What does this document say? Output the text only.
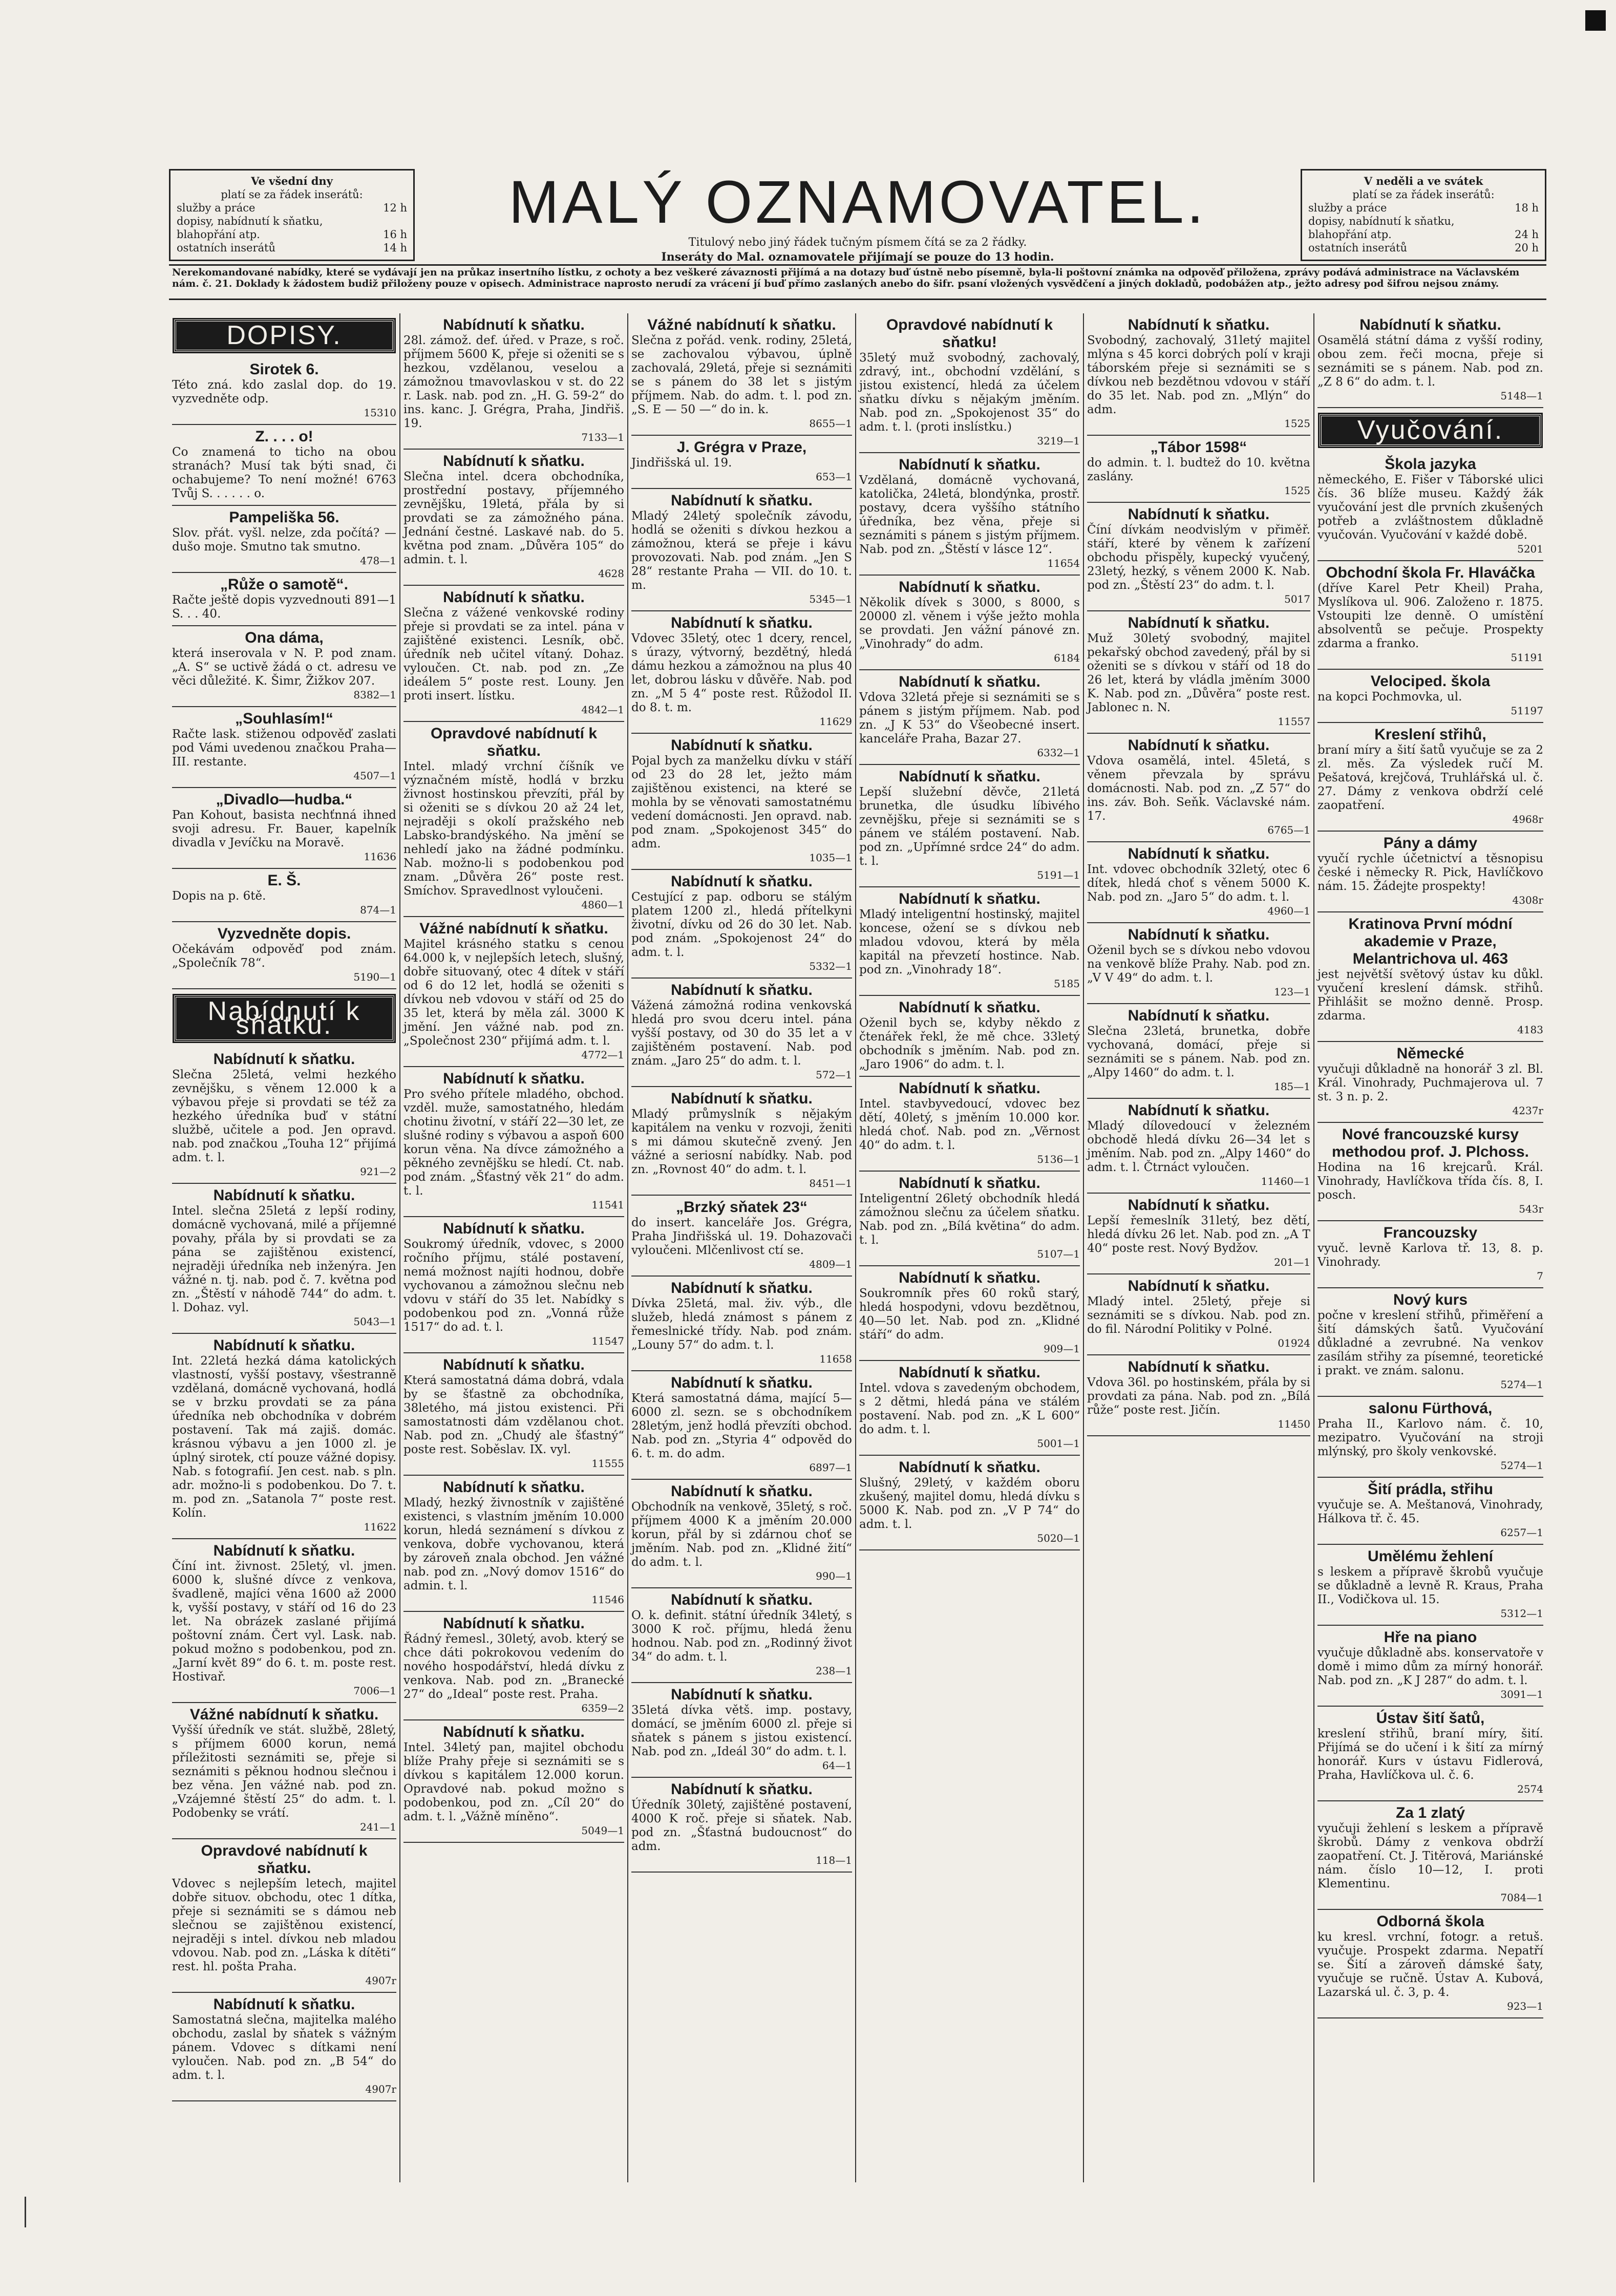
Ve všední dny
platí se za řádek inserátů:
služby a práce	12 h
dopisy, nabídnutí k sňatku,
blahopřání atp.	16 h
ostatních inserátů	14 h
MALÝ OZNAMOVATEL.
Titulový nebo jiný řádek tučným písmem čítá se za 2 řádky.
Inseráty do Mal. oznamovatele přijímají se pouze do 13 hodin.
V neděli a ve svátek
platí se za řádek inserátů:
služby a práce	18 h
dopisy, nabídnutí k sňatku,
blahopřání atp.	24 h
ostatních inserátů	20 h
Nerekomandované nabídky, které se vydávají jen na průkaz insertního lístku, z ochoty a bez veškeré závaznosti přijímá a na dotazy buď ústně nebo písemně, byla-li poštovní známka na odpověď přiložena, zprávy podává administrace na Václavském nám. č. 21. Doklady k žádostem budiž přiloženy pouze v opisech. Administrace naprosto nerudí za vrácení jí buď přímo zaslaných anebo do šifr. psaní vložených vysvědčení a jiných dokladů, podobážen atp., ježto adresy pod šifrou nejsou známy.
DOPISY.
Sirotek 6.
Této zná. kdo zaslal dop. do 19. vyzvedněte odp.
15310
Z. . . . o!
Co znamená to ticho na obou stranách? Musí tak býti snad, či ochabujeme? To není možné! 6763 Tvůj S. . . . . . o.
Pampeliška 56.
Slov. přát. vyšl. nelze, zda počítá? — dušo moje. Smutno tak smutno.
478—1
„Růže o samotě“.
Račte ještě dopis vyzvednouti 891—1 S. . . 40.
Ona dáma,
která inserovala v N. P. pod znam. „A. S“ se uctivě žádá o ct. adresu ve věci důležité. K. Šimr, Žižkov 207.
8382—1
„Souhlasím!“
Račte lask. stiženou odpověď zaslati pod Vámi uvedenou značkou Praha—III. restante.
4507—1
„Divadlo—hudba.“
Pan Kohout, basista nechťnná ihned svoji adresu. Fr. Bauer, kapelník divadla v Jevíčku na Moravě.
11636
E. Š.
Dopis na p. 6tě.
874—1
Vyzvedněte dopis.
Očekávám odpověď pod znám. „Společník 78“.
5190—1
Nabídnutí k sňatku.
Nabídnutí k sňatku.
Slečna 25letá, velmi hezkého zevnějšku, s věnem 12.000 k a výbavou přeje si provdati se též za hezkého úředníka buď v státní službě, učitele a pod. Jen opravd. nab. pod značkou „Touha 12“ přijímá adm. t. l.
921—2
Nabídnutí k sňatku.
Intel. slečna 25letá z lepší rodiny, domácně vychovaná, milé a příjemné povahy, přála by si provdati se za pána se zajištěnou existencí, nejraději úředníka neb inženýra. Jen vážné n. tj. nab. pod č. 7. května pod zn. „Štěstí v náhodě 744“ do adm. t. l. Dohaz. vyl.
5043—1
Nabídnutí k sňatku.
Int. 22letá hezká dáma katolických vlastností, vyšší postavy, všestranně vzdělaná, domácně vychovaná, hodlá se v brzku provdati se za pána úředníka neb obchodníka v dobrém postavení. Tak má zajiš. domác. krásnou výbavu a jen 1000 zl. je úplný sirotek, ctí pouze vážné dopisy. Nab. s fotografií. Jen cest. nab. s pln. adr. možno-li s podobenkou. Do 7. t. m. pod zn. „Satanola 7“ poste rest. Kolín.
11622
Nabídnutí k sňatku.
Číní int. živnost. 25letý, vl. jmen. 6000 k, slušné dívce z venkova, švadleně, majíci věna 1600 až 2000 k, vyšší postavy, v stáří od 16 do 23 let. Na obrázek zaslané přijímá poštovní znám. Čert vyl. Lask. nab. pokud možno s podobenkou, pod zn. „Jarní květ 89“ do 6. t. m. poste rest. Hostivař.
7006—1
Vážné nabídnutí k sňatku.
Vyšší úředník ve stát. službě, 28letý, s příjmem 6000 korun, nemá příležitosti seznámiti se, přeje si seznámiti s pěknou hodnou slečnou i bez věna. Jen vážné nab. pod zn. „Vzájemné štěstí 25“ do adm. t. l. Podobenky se vrátí.
241—1
Opravdové nabídnutí k sňatku.
Vdovec s nejlepším letech, majitel dobře situov. obchodu, otec 1 dítka, přeje si seznámiti se s dámou neb slečnou se zajištěnou existencí, nejraději s intel. dívkou neb mladou vdovou. Nab. pod zn. „Láska k dítěti“ rest. hl. pošta Praha.
4907r
Nabídnutí k sňatku.
Samostatná slečna, majitelka malého obchodu, zaslal by sňatek s vážným pánem. Vdovec s dítkami není vyloučen. Nab. pod zn. „B 54“ do adm. t. l.
4907r
Nabídnutí k sňatku.
28l. zámož. def. úřed. v Praze, s roč. příjmem 5600 K, přeje si oženiti se s hezkou, vzdělanou, veselou a zámožnou tmavovlaskou v st. do 22 r. Lask. nab. pod zn. „H. G. 59-2“ do ins. kanc. J. Grégra, Praha, Jindřiš. 19.
7133—1
Nabídnutí k sňatku.
Slečna intel. dcera obchodníka, prostřední postavy, příjemného zevnějšku, 19letá, přála by si provdati se za zámožného pána. Jednání čestné. Laskavé nab. do 5. května pod znam. „Důvěra 105“ do admin. t. l.
4628
Nabídnutí k sňatku.
Slečna z vážené venkovské rodiny přeje si provdati se za intel. pána v zajištěné existenci. Lesník, obč. úředník neb učitel vítaný. Dohaz. vyloučen. Ct. nab. pod zn. „Ze ideálem 5“ poste rest. Louny. Jen proti insert. lístku.
4842—1
Opravdové nabídnutí k sňatku.
Intel. mladý vrchní číšník ve význačném místě, hodlá v brzku živnost hostinskou převzíti, přál by si oženiti se s dívkou 20 až 24 let, nejraději s okolí pražského neb Labsko-brandýského. Na jmění se nehledí jako na žádné podmínku. Nab. možno-li s podobenkou pod znam. „Důvěra 26“ poste rest. Smíchov. Spravedlnost vyloučeni.
4860—1
Vážné nabídnutí k sňatku.
Majitel krásného statku s cenou 64.000 k, v nejlepších letech, slušný, dobře situovaný, otec 4 dítek v stáří od 6 do 12 let, hodlá se oženiti s dívkou neb vdovou v stáří od 25 do 35 let, která by měla zál. 3000 K jmění. Jen vážné nab. pod zn. „Společnost 230“ přijímá adm. t. l.
4772—1
Nabídnutí k sňatku.
Pro svého přítele mladého, obchod. vzděl. muže, samostatného, hledám chotinu životní, v stáří 22—30 let, ze slušné rodiny s výbavou a aspoň 600 korun věna. Na dívce zámožného a pěkného zevnějšku se hledí. Ct. nab. pod znám. „Šťastný věk 21“ do adm. t. l.
11541
Nabídnutí k sňatku.
Soukromý úředník, vdovec, s 2000 ročního příjmu, stálé postavení, nemá možnost najíti hodnou, dobře vychovanou a zámožnou slečnu neb vdovu v stáří do 35 let. Nabídky s podobenkou pod zn. „Vonná růže 1517“ do ad. t. l.
11547
Nabídnutí k sňatku.
Která samostatná dáma dobrá, vdala by se šťastně za obchodníka, 38letého, má jistou existenci. Při samostatnosti dám vzdělanou chot. Nab. pod zn. „Chudý ale šťastný“ poste rest. Soběslav. IX. vyl.
11555
Nabídnutí k sňatku.
Mladý, hezký živnostník v zajištěné existenci, s vlastním jměním 10.000 korun, hledá seznámení s dívkou z venkova, dobře vychovanou, která by zároveň znala obchod. Jen vážné nab. pod zn. „Nový domov 1516“ do admin. t. l.
11546
Nabídnutí k sňatku.
Řádný řemesl., 30letý, avob. který se chce dáti pokrokovou vedením do nového hospodářství, hledá dívku z venkova. Nab. pod zn. „Branecké 27“ do „Ideal“ poste rest. Praha.
6359—2
Nabídnutí k sňatku.
Intel. 34letý pan, majitel obchodu blíže Prahy přeje si seznámiti se s dívkou s kapitálem 12.000 korun. Opravdové nab. pokud možno s podobenkou, pod zn. „Cíl 20“ do adm. t. l. „Vážně míněno“.
5049—1
Vážné nabídnutí k sňatku.
Slečna z pořád. venk. rodiny, 25letá, se zachovalou výbavou, úplně zachovalá, 29letá, přeje si seznámiti se s pánem do 38 let s jistým příjmem. Nab. do adm. t. l. pod zn. „S. E — 50 —“ do in. k.
8655—1
J. Grégra v Praze,
Jindřišská ul. 19.
653—1
Nabídnutí k sňatku.
Mladý 24letý společník závodu, hodlá se oženiti s dívkou hezkou a zámožnou, která se přeje i kávu provozovati. Nab. pod znám. „Jen S 28“ restante Praha — VII. do 10. t. m.
5345—1
Nabídnutí k sňatku.
Vdovec 35letý, otec 1 dcery, rencel, s úrazy, výtvorný, bezdětný, hledá dámu hezkou a zámožnou na plus 40 let, dobrou lásku v důvěře. Nab. pod zn. „M 5 4“ poste rest. Růžodol II. do 8. t. m.
11629
Nabídnutí k sňatku.
Pojal bych za manželku dívku v stáří od 23 do 28 let, ježto mám zajištěnou existenci, na které se mohla by se věnovati samostatnému vedení domácnosti. Jen opravd. nab. pod znam. „Spokojenost 345“ do adm.
1035—1
Nabídnutí k sňatku.
Cestující z pap. odboru se stálým platem 1200 zl., hledá přítelkyni životní, dívku od 26 do 30 let. Nab. pod znám. „Spokojenost 24“ do adm. t. l.
5332—1
Nabídnutí k sňatku.
Vážená zámožná rodina venkovská hledá pro svou dceru intel. pána vyšší postavy, od 30 do 35 let a v zajištěném postavení. Nab. pod znám. „Jaro 25“ do adm. t. l.
572—1
Nabídnutí k sňatku.
Mladý průmyslník s nějakým kapitálem na venku v rozvoji, ženiti s mi dámou skutečně zvený. Jen vážné a seriosní nabídky. Nab. pod zn. „Rovnost 40“ do adm. t. l.
8451—1
„Brzký sňatek 23“
do insert. kanceláře Jos. Grégra, Praha Jindřišská ul. 19. Dohazovači vyloučeni. Mlčenlivost ctí se.
4809—1
Nabídnutí k sňatku.
Dívka 25letá, mal. živ. výb., dle služeb, hledá známost s pánem z řemeslnické třídy. Nab. pod znám. „Louny 57“ do adm. t. l.
11658
Nabídnutí k sňatku.
Která samostatná dáma, mající 5—6000 zl. sezn. se s obchodníkem 28letým, jenž hodlá převzíti obchod. Nab. pod zn. „Styria 4“ odpověd do 6. t. m. do adm.
6897—1
Nabídnutí k sňatku.
Obchodník na venkově, 35letý, s roč. příjmem 4000 K a jměním 20.000 korun, přál by si zdárnou choť se jměním. Nab. pod zn. „Klidné žití“ do adm. t. l.
990—1
Nabídnutí k sňatku.
O. k. definit. státní úředník 34letý, s 3000 K roč. příjmu, hledá ženu hodnou. Nab. pod zn. „Rodinný život 34“ do adm. t. l.
238—1
Nabídnutí k sňatku.
35letá dívka větš. imp. postavy, domácí, se jměním 6000 zl. přeje si sňatek s pánem s jistou existencí. Nab. pod zn. „Ideál 30“ do adm. t. l.
64—1
Nabídnutí k sňatku.
Úředník 30letý, zajištěné postavení, 4000 K roč. přeje si sňatek. Nab. pod zn. „Šťastná budoucnost“ do adm.
118—1
Opravdové nabídnutí k sňatku!
35letý muž svobodný, zachovalý, zdravý, int., obchodní vzdělání, s jistou existencí, hledá za účelem sňatku dívku s nějakým jměním. Nab. pod zn. „Spokojenost 35“ do adm. t. l. (proti inslístku.)
3219—1
Nabídnutí k sňatku.
Vzdělaná, domácně vychovaná, katolička, 24letá, blondýnka, prostř. postavy, dcera vyššího státního úředníka, bez věna, přeje si seznámiti s pánem s jistým příjmem. Nab. pod zn. „Štěstí v lásce 12“.
11654
Nabídnutí k sňatku.
Několik dívek s 3000, s 8000, s 20000 zl. věnem i výše ježto mohla se provdati. Jen vážní pánové zn. „Vinohrady“ do adm.
6184
Nabídnutí k sňatku.
Vdova 32letá přeje si seznámiti se s pánem s jistým příjmem. Nab. pod zn. „J K 53“ do Všeobecné insert. kanceláře Praha, Bazar 27.
6332—1
Nabídnutí k sňatku.
Lepší služební děvče, 21letá brunetka, dle úsudku líbivého zevnějšku, přeje si seznámiti se s pánem ve stálém postavení. Nab. pod zn. „Upřímné srdce 24“ do adm. t. l.
5191—1
Nabídnutí k sňatku.
Mladý inteligentní hostinský, majitel koncese, ožení se s dívkou neb mladou vdovou, která by měla kapitál na převzetí hostince. Nab. pod zn. „Vinohrady 18“.
5185
Nabídnutí k sňatku.
Oženil bych se, kdyby někdo z čtenářek řekl, že mě chce. 33letý obchodník s jměním. Nab. pod zn. „Jaro 1906“ do adm. t. l.
Nabídnutí k sňatku.
Intel. stavbyvedoucí, vdovec bez dětí, 40letý, s jměním 10.000 kor. hledá choť. Nab. pod zn. „Věrnost 40“ do adm. t. l.
5136—1
Nabídnutí k sňatku.
Inteligentní 26letý obchodník hledá zámožnou slečnu za účelem sňatku. Nab. pod zn. „Bílá květina“ do adm. t. l.
5107—1
Nabídnutí k sňatku.
Soukromník přes 60 roků starý, hledá hospodyni, vdovu bezdětnou, 40—50 let. Nab. pod zn. „Klidné stáří“ do adm.
909—1
Nabídnutí k sňatku.
Intel. vdova s zavedeným obchodem, s 2 dětmi, hledá pána ve stálém postavení. Nab. pod zn. „K L 600“ do adm. t. l.
5001—1
Nabídnutí k sňatku.
Slušný, 29letý, v každém oboru zkušený, majitel domu, hledá dívku s 5000 K. Nab. pod zn. „V P 74“ do adm. t. l.
5020—1
Nabídnutí k sňatku.
Svobodný, zachovalý, 31letý majitel mlýna s 45 korci dobrých polí v kraji táborském přeje si seznámiti se s dívkou neb bezdětnou vdovou v stáří do 35 let. Nab. pod zn. „Mlýn“ do adm.
1525
„Tábor 1598“
do admin. t. l. budtež do 10. května zaslány.
1525
Nabídnutí k sňatku.
Číní dívkám neodvislým v přiměř. stáří, které by věnem k zařízení obchodu přispěly, kupecký vyučený, 23letý, hezký, s věnem 2000 K. Nab. pod zn. „Štěstí 23“ do adm. t. l.
5017
Nabídnutí k sňatku.
Muž 30letý svobodný, majitel pekařský obchod zavedený, přál by si oženiti se s dívkou v stáří od 18 do 26 let, která by vládla jměním 3000 K. Nab. pod zn. „Důvěra“ poste rest. Jablonec n. N.
11557
Nabídnutí k sňatku.
Vdova osamělá, intel. 45letá, s věnem převzala by správu domácnosti. Nab. pod zn. „Z 57“ do ins. záv. Boh. Seňk. Václavské nám. 17.
6765—1
Nabídnutí k sňatku.
Int. vdovec obchodník 32letý, otec 6 dítek, hledá choť s věnem 5000 K. Nab. pod zn. „Jaro 5“ do adm. t. l.
4960—1
Nabídnutí k sňatku.
Oženil bych se s dívkou nebo vdovou na venkově blíže Prahy. Nab. pod zn. „V V 49“ do adm. t. l.
123—1
Nabídnutí k sňatku.
Slečna 23letá, brunetka, dobře vychovaná, domácí, přeje si seznámiti se s pánem. Nab. pod zn. „Alpy 1460“ do adm. t. l.
185—1
Nabídnutí k sňatku.
Mladý dílovedoucí v železném obchodě hledá dívku 26—34 let s jměním. Nab. pod zn. „Alpy 1460“ do adm. t. l. Čtrnáct vyloučen.
11460—1
Nabídnutí k sňatku.
Lepší řemeslník 31letý, bez dětí, hledá dívku 26 let. Nab. pod zn. „A T 40“ poste rest. Nový Bydžov.
201—1
Nabídnutí k sňatku.
Mladý intel. 25letý, přeje si seznámiti se s dívkou. Nab. pod zn. do fil. Národní Politiky v Polné.
01924
Nabídnutí k sňatku.
Vdova 36l. po hostinském, přála by si provdati za pána. Nab. pod zn. „Bílá růže“ poste rest. Jičín.
11450
Nabídnutí k sňatku.
Osamělá státní dáma z vyšší rodiny, obou zem. řeči mocna, přeje si seznámiti se s pánem. Nab. pod zn. „Z 8 6“ do adm. t. l.
5148—1
Vyučování.
Škola jazyka
německého, E. Fišer v Táborské ulici čís. 36 blíže museu. Každý žák vyučování jest dle prvních zkušených potřeb a zvláštnostem důkladně vyučován. Vyučování v každé době.
5201
Obchodní škola Fr. Hlaváčka
(dříve Karel Petr Kheil) Praha, Myslíkova ul. 906. Založeno r. 1875. Vstoupiti lze denně. O umístění absolventů se pečuje. Prospekty zdarma a franko.
51191
Velociped. škola
na kopci Pochmovka, ul.
51197
Kreslení střihů,
braní míry a šití šatů vyučuje se za 2 zl. měs. Za výsledek ručí M. Pešatová, krejčová, Truhlářská ul. č. 27. Dámy z venkova obdrží celé zaopatření.
4968r
Pány a dámy
vyučí rychle účetnictví a těsnopisu české i německy R. Pick, Havlíčkovo nám. 15. Žádejte prospekty!
4308r
Kratinova První módní akademie v Praze, Melantrichova ul. 463
jest největší světový ústav ku důkl. vyučení kreslení dámsk. střihů. Přihlášit se možno denně. Prosp. zdarma.
4183
Německé
vyučuji důkladně na honorář 3 zl. Bl. Král. Vinohrady, Puchmajerova ul. 7 st. 3 n. p. 2.
4237r
Nové francouzské kursy methodou prof. J. Plchoss.
Hodina na 16 krejcarů. Král. Vinohrady, Havlíčkova třída čís. 8, I. posch.
543r
Francouzsky
vyuč. levně Karlova tř. 13, 8. p. Vinohrady.
7
Nový kurs
počne v kreslení střihů, přiměření a šití dámských šatů. Vyučování důkladné a zevrubné. Na venkov zasílám střihy za písemné, teoretické i prakt. ve znám. salonu.
5274—1
salonu Fürthová,
Praha II., Karlovo nám. č. 10, mezipatro. Vyučování na stroji mlýnský, pro školy venkovské.
5274—1
Šití prádla, střihu
vyučuje se. A. Meštanová, Vinohrady, Hálkova tř. č. 45.
6257—1
Umělému žehlení
s leskem a přípravě škrobů vyučuje se důkladně a levně R. Kraus, Praha II., Vodičkova ul. 15.
5312—1
Hře na piano
vyučuje důkladně abs. konservatoře v domě i mimo dům za mírný honorář. Nab. pod zn. „K J 287“ do adm. t. l.
3091—1
Ústav šití šatů,
kreslení střihů, braní míry, šití. Přijímá se do učení i k šití za mírný honorář. Kurs v ústavu Fidlerová, Praha, Havlíčkova ul. č. 6.
2574
Za 1 zlatý
vyučuji žehlení s leskem a přípravě škrobů. Dámy z venkova obdrží zaopatření. Ct. J. Titěrová, Mariánské nám. číslo 10—12, I. proti Klementinu.
7084—1
Odborná škola
ku kresl. vrchní, fotogr. a retuš. vyučuje. Prospekt zdarma. Nepatří se. Šití a zároveň dámské šaty, vyučuje se ručně. Ústav A. Kubová, Lazarská ul. č. 3, p. 4.
923—1
